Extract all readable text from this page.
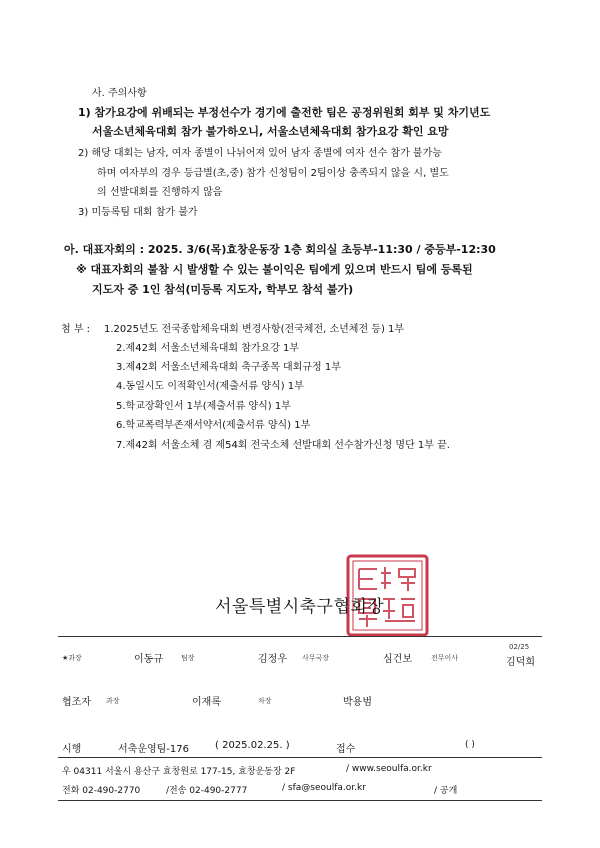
사. 주의사항
1) 참가요강에 위배되는 부정선수가 경기에 출전한 팀은 공정위원회 회부 및 차기년도
서울소년체육대회 참가 불가하오니, 서울소년체육대회 참가요강 확인 요망
2) 해당 대회는 남자, 여자 종별이 나뉘어져 있어 남자 종별에 여자 선수 참가 불가능
하며 여자부의 경우 등급별(초,중) 참가 신청팀이 2팀이상 충족되지 않을 시, 별도
의 선발대회를 진행하지 않음
3) 미등록팀 대회 참가 불가
아. 대표자회의 : 2025. 3/6(목)효창운동장 1층 회의실 초등부-11:30 / 중등부-12:30
※ 대표자회의 불참 시 발생할 수 있는 불이익은 팀에게 있으며 반드시 팀에 등록된
지도자 중 1인 참석(미등록 지도자, 학부모 참석 불가)
첨 부 : 1.2025년도 전국종합체육대회 변경사항(전국체전, 소년체전 등) 1부
2.제42회 서울소년체육대회 참가요강 1부
3.제42회 서울소년체육대회 축구종목 대회규정 1부
4.동일시도 이적확인서(제출서류 양식) 1부
5.학교장확인서 1부(제출서류 양식) 1부
6.학교폭력부존재서약서(제출서류 양식) 1부
7.제42회 서울소체 겸 제54회 전국소체 선발대회 선수참가신청 명단 1부 끝.
서울특별시축구협회장
★과장	이동규	팀장	김정우 사무국장	심건보	전무이사
02/25
김덕희
협조자 과장	이재록	차장	박용범
시행	서축운영팀-176	( 2025.02.25. )	접수	( )
우 04311 서울시 용산구 효창원로 177-15, 효창운동장 2F	/ www.seoulfa.or.kr
전화 02-490-2770	/전송 02-490-2777	/ sfa@seoulfa.or.kr	/ 공개
